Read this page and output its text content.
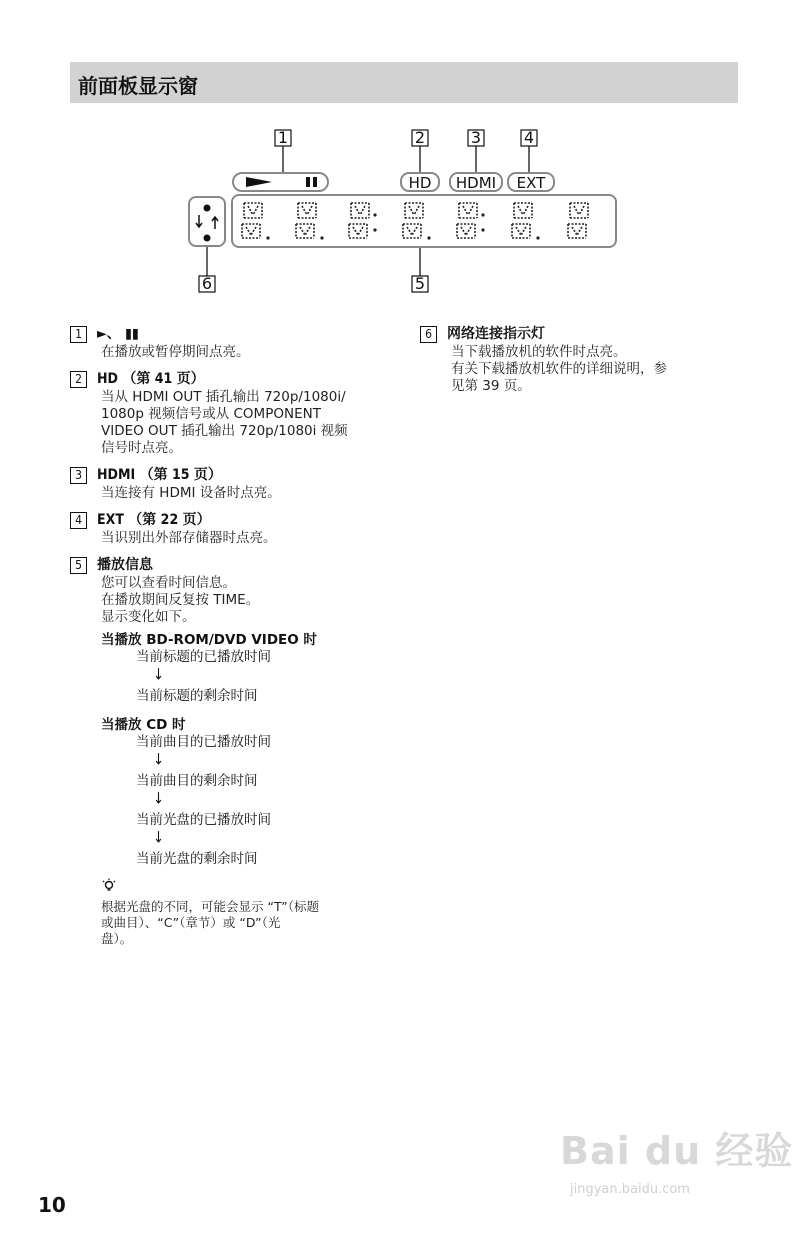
前面板显示窗
1	2	3	4
5
6
HD HDMI EXT
1	►、 ▮▮
在播放或暂停期间点亮。
2	HD （第 41 页）
当从 HDMI OUT 插孔输出 720p/1080i/
1080p 视频信号或从 COMPONENT
VIDEO OUT 插孔输出 720p/1080i 视频
信号时点亮。
3	HDMI （第 15 页）
当连接有 HDMI 设备时点亮。
4	EXT （第 22 页）
当识别出外部存储器时点亮。
5	播放信息
您可以查看时间信息。
在播放期间反复按 TIME。
显示变化如下。
当播放 BD-ROM/DVD VIDEO 时
当前标题的已播放时间
↓
当前标题的剩余时间
当播放 CD 时
当前曲目的已播放时间
↓
当前曲目的剩余时间
↓
当前光盘的已播放时间
↓
当前光盘的剩余时间
根据光盘的不同，可能会显示 “T”（标题
或曲目）、“C”（章节）或 “D”（光
盘）。
6	网络连接指示灯
当下载播放机的软件时点亮。
有关下载播放机软件的详细说明，参
见第 39 页。
10
Bai du 经验
jingyan.baidu.com
